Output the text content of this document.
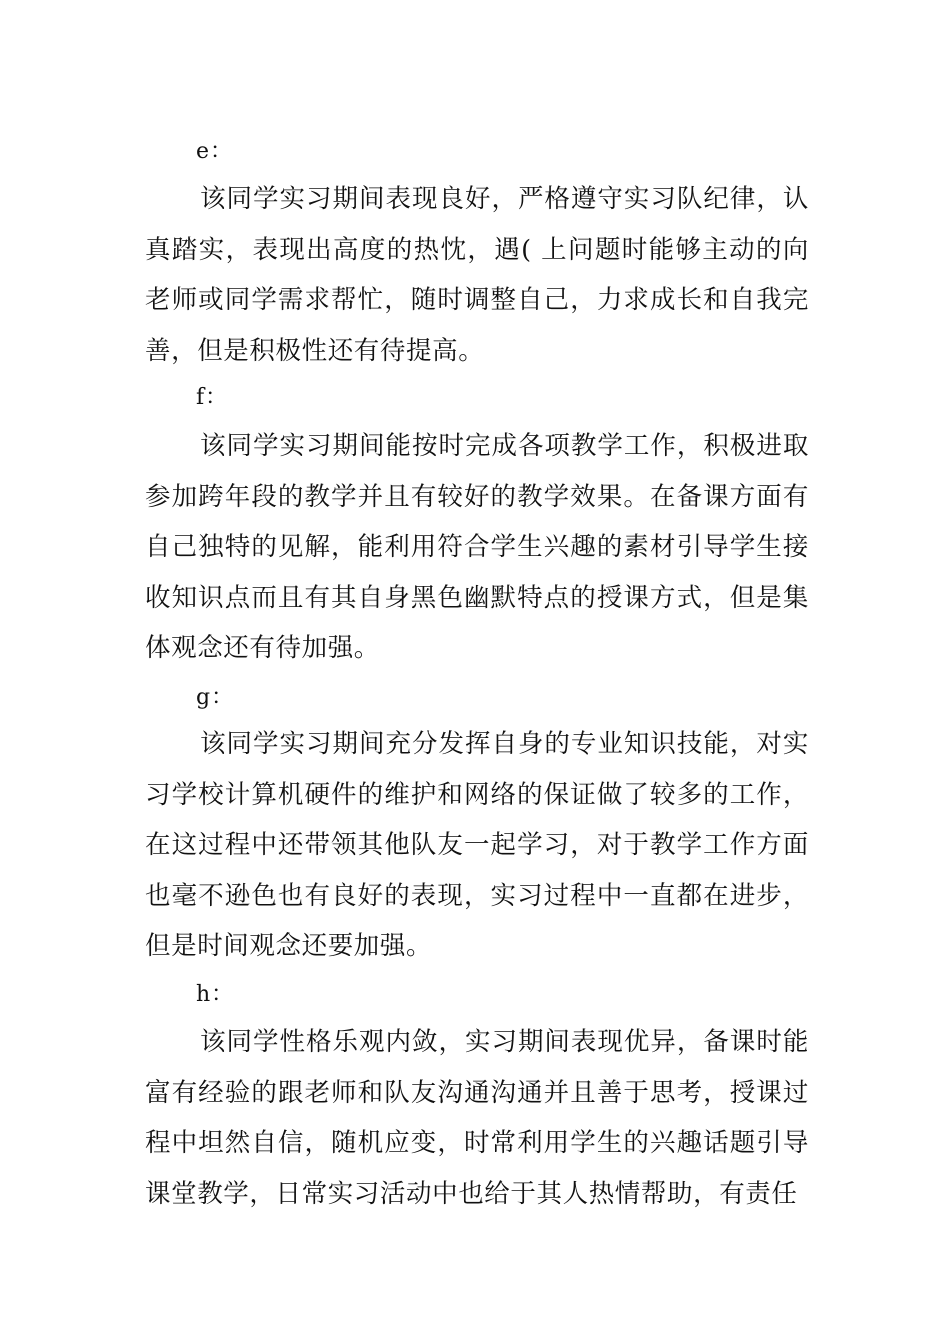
e：

该同学实习期间表现良好，严格遵守实习队纪律，认真踏实，表现出高度的热忱，遇( 上问题时能够主动的向老师或同学需求帮忙，随时调整自己，力求成长和自我完善，但是积极性还有待提高。

f：

该同学实习期间能按时完成各项教学工作，积极进取参加跨年段的教学并且有较好的教学效果。在备课方面有自己独特的见解，能利用符合学生兴趣的素材引导学生接收知识点而且有其自身黑色幽默特点的授课方式，但是集体观念还有待加强。

g：

该同学实习期间充分发挥自身的专业知识技能，对实习学校计算机硬件的维护和网络的保证做了较多的工作，在这过程中还带领其他队友一起学习，对于教学工作方面也毫不逊色也有良好的表现，实习过程中一直都在进步，但是时间观念还要加强。

h：

该同学性格乐观内敛，实习期间表现优异，备课时能富有经验的跟老师和队友沟通沟通并且善于思考，授课过程中坦然自信，随机应变，时常利用学生的兴趣话题引导课堂教学，日常实习活动中也给于其人热情帮助，有责任
